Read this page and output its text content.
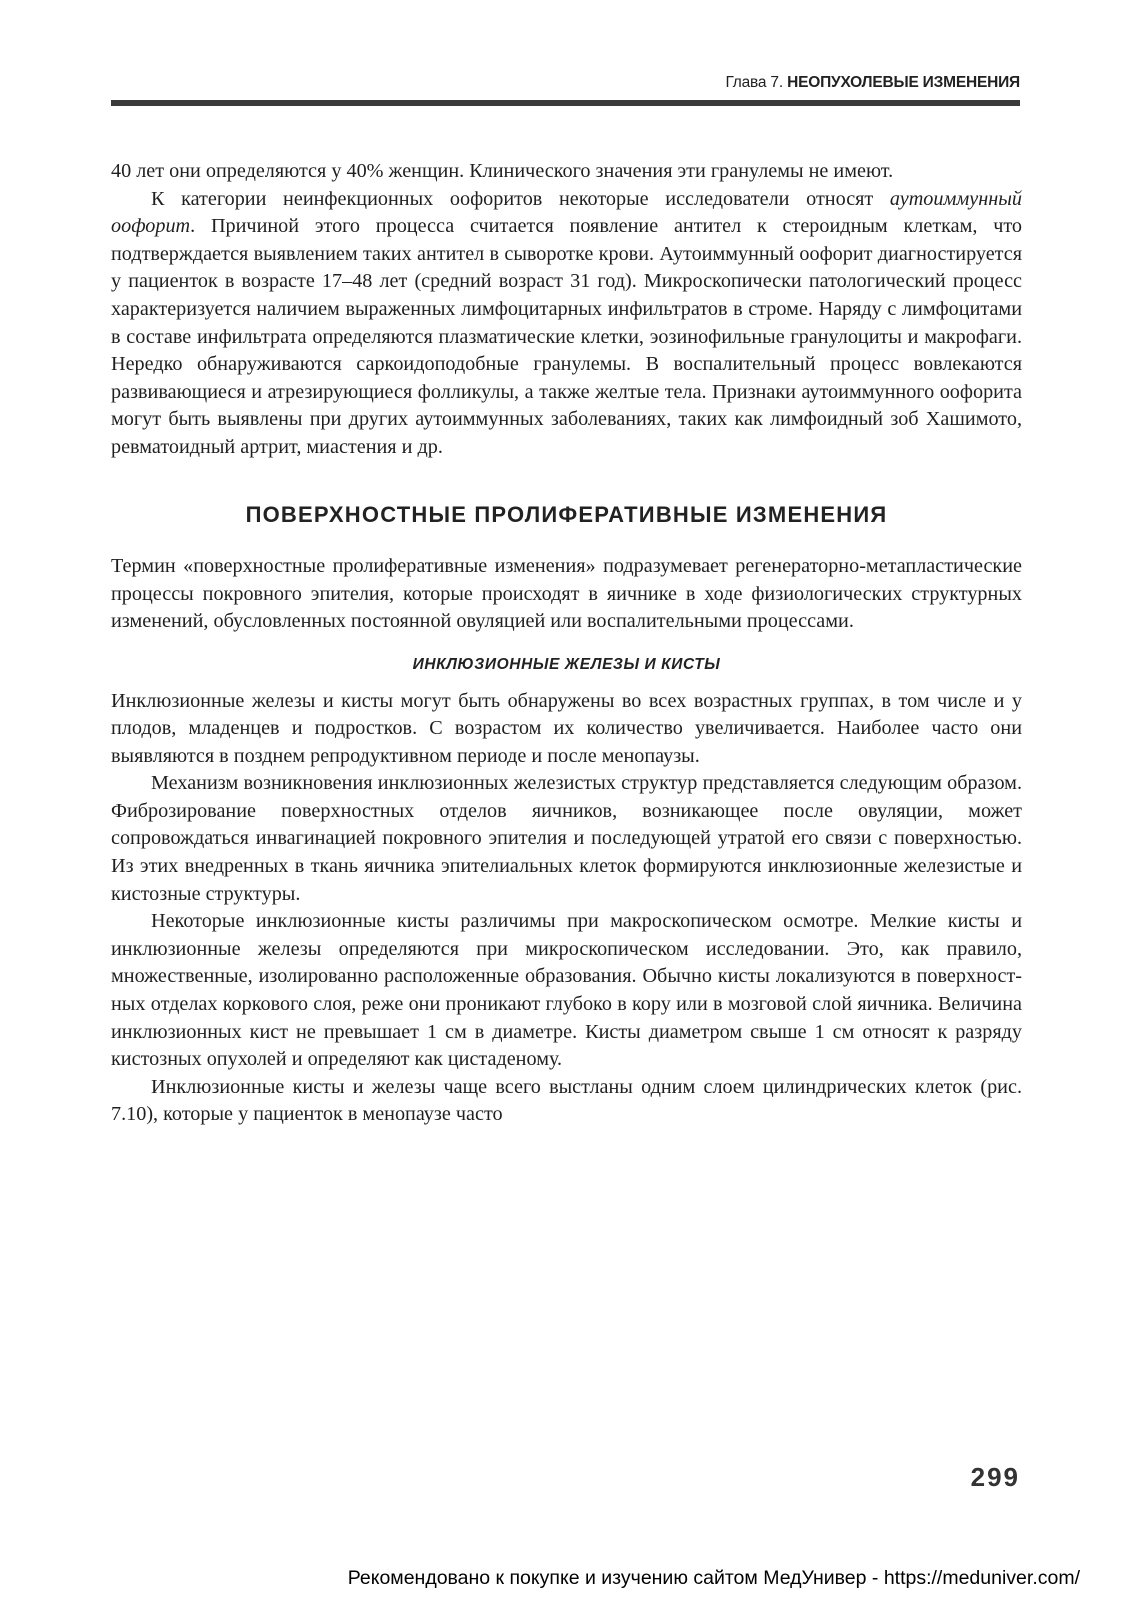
Глава 7. НЕОПУХОЛЕВЫЕ ИЗМЕНЕНИЯ

40 лет они определяются у 40% женщин. Клинического значения эти гранулемы не имеют.

К категории неинфекционных оофоритов некоторые исследователи относят аутоиммунный оофорит. Причиной этого процесса считается появление антител к стероидным клеткам, что подтверждается выявлением таких антител в сыворотке крови. Аутоиммунный оофорит диагностируется у пациенток в возрасте 17–48 лет (средний возраст 31 год). Микроскопически патологический процесс характеризуется наличием выраженных лимфоцитарных инфильтратов в строме. Наряду с лимфоцитами в составе инфильтрата определяются плазматические клетки, эозинофильные гранулоциты и макрофаги. Нередко обнаруживаются саркоидоподобные гранулемы. В воспалительный процесс вовлекаются развивающиеся и атрезирующиеся фолликулы, а также желтые тела. Признаки аутоиммунного оофорита могут быть выявлены при других аутоиммунных заболеваниях, таких как лимфоидный зоб Хашимото, ревматоидный артрит, миастения и др.

ПОВЕРХНОСТНЫЕ ПРОЛИФЕРАТИВНЫЕ ИЗМЕНЕНИЯ

Термин «поверхностные пролиферативные изменения» подразумевает регенераторно-метапластические процессы покровного эпителия, которые происходят в яичнике в ходе физиологических структурных изменений, обусловленных постоянной овуляцией или воспалительными процессами.

ИНКЛЮЗИОННЫЕ ЖЕЛЕЗЫ И КИСТЫ

Инклюзионные железы и кисты могут быть обнаружены во всех возрастных группах, в том числе и у плодов, младенцев и подростков. С возрастом их количество увеличивается. Наиболее часто они выявляются в позднем репродуктивном периоде и после менопаузы.

Механизм возникновения инклюзионных железистых структур представляется следующим образом. Фиброзирование поверхностных отделов яичников, возникающее после овуляции, может сопровождаться инвагинацией покровного эпителия и последующей утратой его связи с поверхностью. Из этих внедренных в ткань яичника эпителиальных клеток формируются инклюзионные железистые и кистозные структуры.

Некоторые инклюзионные кисты различимы при макроскопическом осмотре. Мелкие кисты и инклюзионные железы определяются при микроскопическом исследовании. Это, как правило, множественные, изолированно расположенные образования. Обычно кисты локализуются в поверхностных отделах коркового слоя, реже они проникают глубоко в кору или в мозговой слой яичника. Величина инклюзионных кист не превышает 1 см в диаметре. Кисты диаметром свыше 1 см относят к разряду кистозных опухолей и определяют как цистаденому.

Инклюзионные кисты и железы чаще всего выстланы одним слоем цилиндрических клеток (рис. 7.10), которые у пациенток в менопаузе часто

299
Рекомендовано к покупке и изучению сайтом МедУнивер - https://meduniver.com/
